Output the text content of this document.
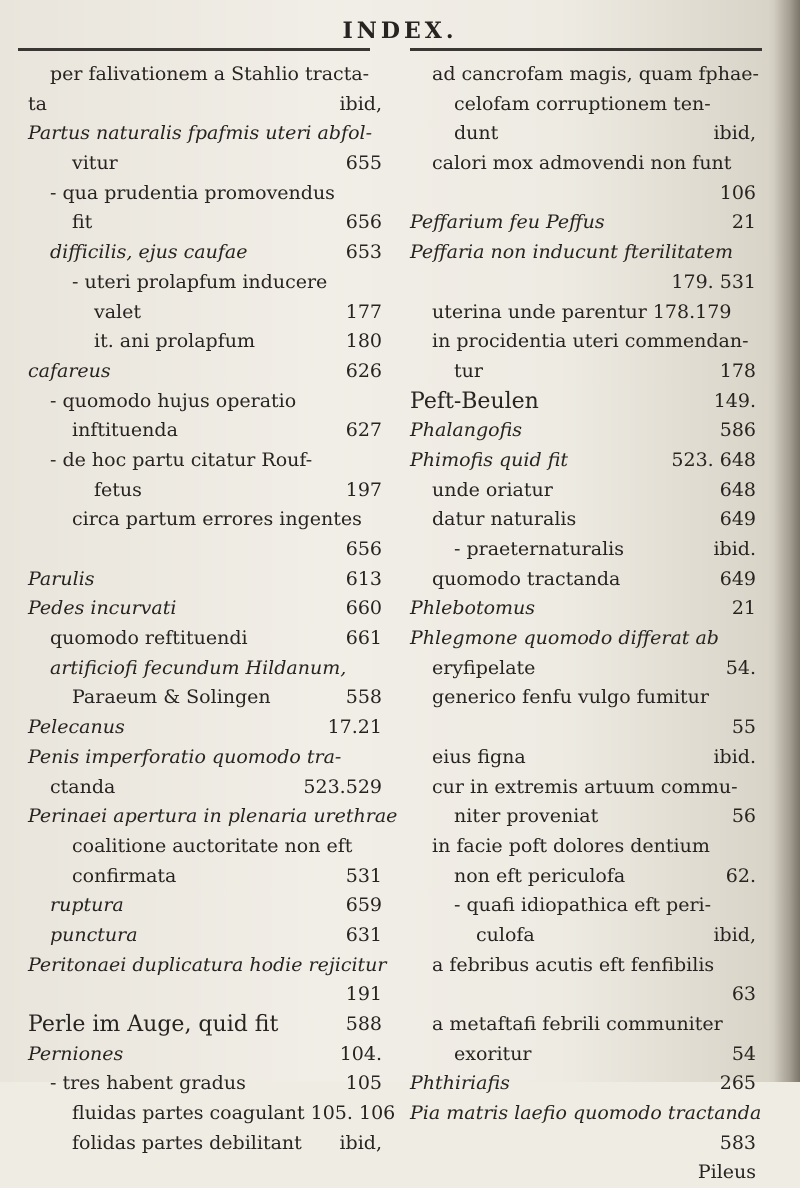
INDEX.
per falivationem a Stahlio tracta-
ta	ibid,
Partus naturalis fpafmis uteri abfol-
vitur	655
- qua prudentia promovendus
fit	656
difficilis, ejus caufae	653
- uteri prolapfum inducere
valet	177
it. ani prolapfum	180
cafareus	626
- quomodo hujus operatio
inftituenda	627
- de hoc partu citatur Rouf-
fetus	197
circa partum errores ingentes
656
Parulis	613
Pedes incurvati	660
quomodo reftituendi	661
artificiofi fecundum Hildanum,
Paraeum & Solingen	558
Pelecanus	17.21
Penis imperforatio quomodo tra-
ctanda	523.529
Perinaei apertura in plenaria urethrae
coalitione auctoritate non eft
confirmata	531
ruptura	659
punctura	631
Peritonaei duplicatura hodie rejicitur
191
Perle im Auge, quid fit	588
Perniones	104.
- tres habent gradus	105
fluidas partes coagulant 105. 106
folidas partes debilitant ibid,
ad cancrofam magis, quam fphae-
celofam corruptionem ten-
dunt	ibid,
calori mox admovendi non funt
106
Peffarium feu Peffus	21
Peffaria non inducunt fterilitatem
179. 531
uterina unde parentur 178.179
in procidentia uteri commendan-
tur	178
Peft-Beulen	149.
Phalangofis	586
Phimofis quid fit	523. 648
unde oriatur	648
datur naturalis	649
- praeternaturalis	ibid.
quomodo tractanda	649
Phlebotomus	21
Phlegmone quomodo differat ab
eryfipelate	54.
generico fenfu vulgo fumitur
55
eius figna	ibid.
cur in extremis artuum commu-
niter proveniat	56
in facie poft dolores dentium
non eft periculofa	62.
- quafi idiopathica eft peri-
culofa	ibid,
a febribus acutis eft fenfibilis
63
a metaftafi febrili communiter
exoritur	54
Phthiriafis	265
Pia matris laefio quomodo tractanda
583
Pileus
